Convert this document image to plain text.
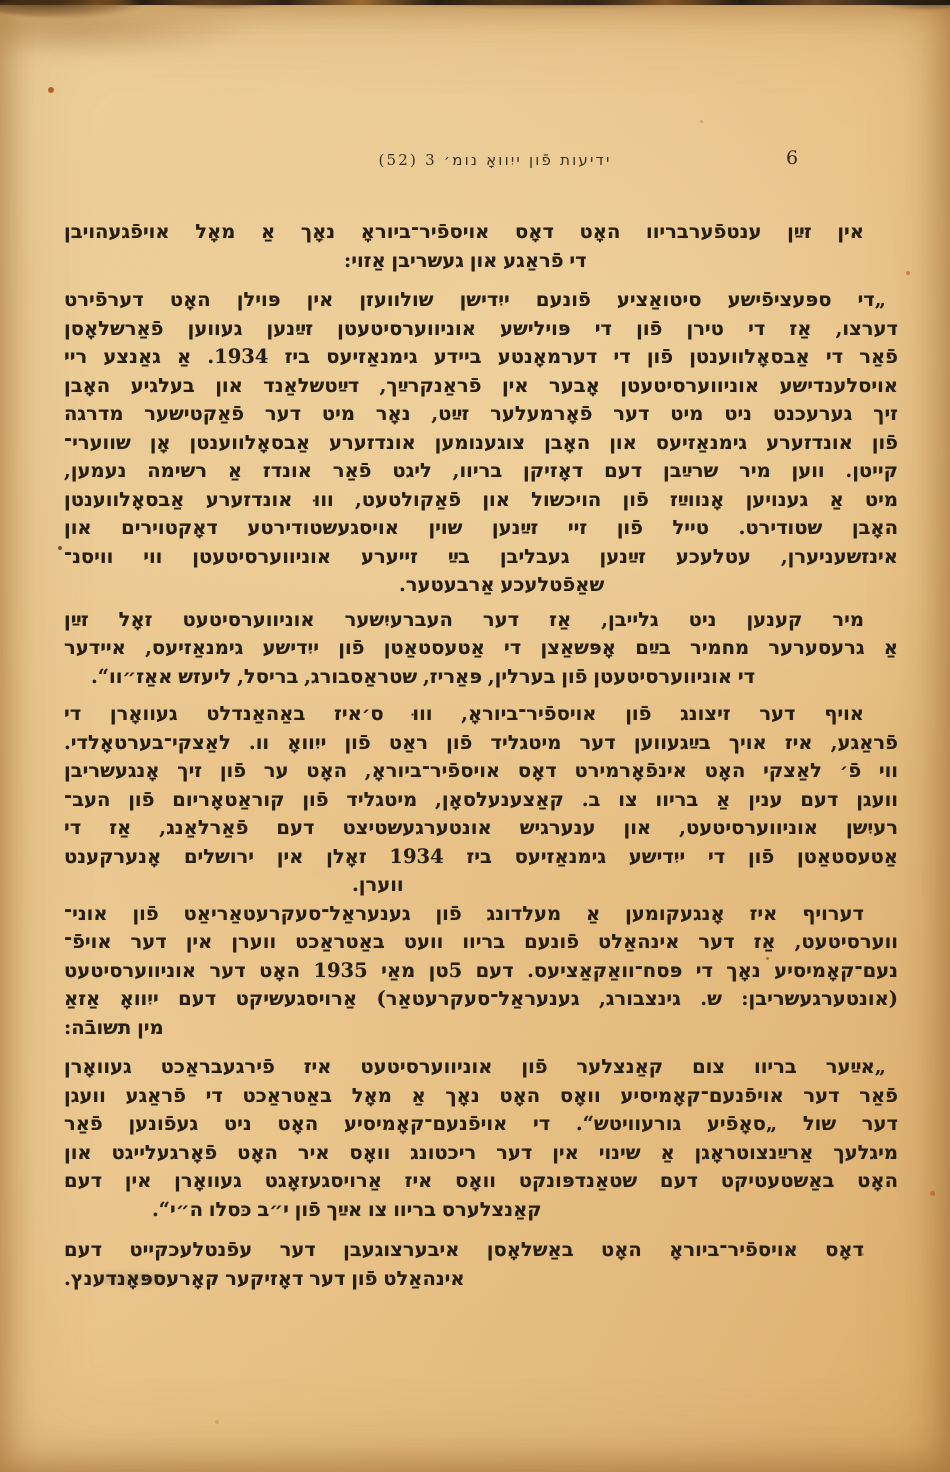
ידיעות פֿון ייִוואָ נומ׳ 3 (52)	6
אין זײַן ענטפֿערבריוו האָט דאָס אויספֿיר־ביוראָ נאָך אַ מאָל אויפֿגעהויבן
די פֿראַגע און געשריבן אַזוי:
„די ספּעציפֿישע סיטואַציע פֿונעם ייִדישן שולוועזן אין פּוילן האָט דערפֿירט
דערצו, אַז די טירן פֿון די פּוילישע אוניווערסיטעטן זײַנען געווען פֿאַרשלאָסן
פֿאַר די אַבסאָלווענטן פֿון די דערמאָנטע ביידע גימנאַזיעס ביז 1934. אַ גאַנצע ריי
אויסלענדישע אוניווערסיטעטן אָבער אין פֿראַנקרײַך, דײַטשלאַנד און בעלגיע האָבן
זיך גערעכנט ניט מיט דער פֿאָרמעלער זײַט, נאָר מיט דער פֿאַקטישער מדרגה
פֿון אונדזערע גימנאַזיעס און האָבן צוגענומען אונדזערע אַבסאָלווענטן אָן שווערי־
קייטן. ווען מיר שרײַבן דעם דאָזיקן בריוו, ליגט פֿאַר אונדז אַ רשימה נעמען,
מיט אַ גענויען אָנווײַז פֿון הויכשול און פֿאַקולטעט, וווּ אונדזערע אַבסאָלווענטן
האָבן שטודירט. טייל פֿון זיי זײַנען שוין אויסגעשטודירטע דאָקטוירים און
אינזשעניערן, עטלעכע זײַנען געבליבן בײַ זייערע אוניווערסיטעטן ווי וויסנ־
שאַפֿטלעכע אַרבעטער.
מיר קענען ניט גלייבן, אַז דער העברעיִשער אוניווערסיטעט זאָל זײַן
אַ גרעסערער מחמיר בײַם אָפּשאַצן די אַטעסטאַטן פֿון ייִדישע גימנאַזיעס, איידער
די אוניווערסיטעטן פֿון בערלין, פּאַריז, שטראַסבורג, בריסל, ליעזש אאַז״וו“.
אויף דער זיצונג פֿון אויספֿיר־ביוראָ, וווּ ס׳איז באַהאַנדלט געוואָרן די
פֿראַגע, איז אויך בײַגעווען דער מיטגליד פֿון ראַט פֿון ייִוואָ וו. לאַצקי־בערטאָלדי.
ווי פֿ׳ לאַצקי האָט אינפֿאָרמירט דאָס אויספֿיר־ביוראָ, האָט ער פֿון זיך אָנגעשריבן
וועגן דעם ענין אַ בריוו צו ב. קאַצענעלסאָן, מיטגליד פֿון קוראַטאָריום פֿון העב־
רעיִשן אוניווערסיטעט, און ענערגיש אונטערגעשטיצט דעם פֿאַרלאַנג, אַז די
אַטעסטאַטן פֿון די ייִדישע גימנאַזיעס ביז 1934 זאָלן אין ירושלים אָנערקענט
ווערן.
דערויף איז אָנגעקומען אַ מעלדונג פֿון גענעראַל־סעקרעטאַריאַט פֿון אוני־
ווערסיטעט, אַז דער אינהאַלט פֿונעם בריוו וועט באַטראַכט ווערן אין דער אויפֿ־
נעם־קאָמיסיע נאָך די פּסח־וואַקאַציעס. דעם 5טן מאַי 1935 האָט דער אוניווערסיטעט
(אונטערגעשריבן: ש. גינצבורג, גענעראַל־סעקרעטאַר) אַרויסגעשיקט דעם ייִוואָ אַזאַ
מין תשובֿה:
„אײַער בריוו צום קאַנצלער פֿון אוניווערסיטעט איז פֿירגעבראַכט געוואָרן
פֿאַר דער אויפֿנעם־קאָמיסיע וואָס האָט נאָך אַ מאָל באַטראַכט די פֿראַגע וועגן
דער שול „סאָפֿיע גורעוויטש“. די אויפֿנעם־קאָמיסיע האָט ניט געפֿונען פֿאַר
מיגלעך אַרײַנצוטראָגן אַ שינוי אין דער ריכטונג וואָס איר האָט פֿאָרגעלייגט און
האָט באַשטעטיקט דעם שטאַנדפּונקט וואָס איז אַרויסגעזאָגט געוואָרן אין דעם
קאַנצלערס בריוו צו אײַך פֿון י״ב כּסלו ה״י“.
דאָס אויספֿיר־ביוראָ האָט באַשלאָסן איבערצוגעבן דער עפֿנטלעכקייט דעם
אינהאַלט פֿון דער דאָזיקער קאָרעספּאָנדענץ.
